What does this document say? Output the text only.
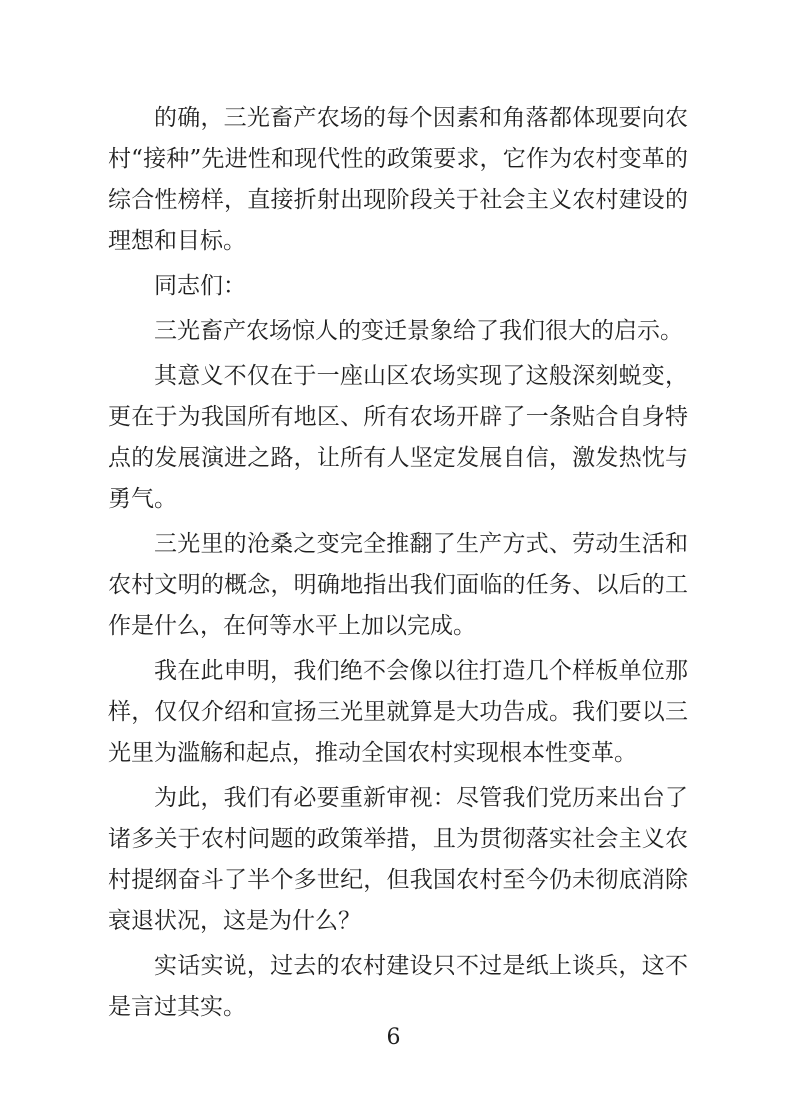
的确，三光畜产农场的每个因素和角落都体现要向农村“接种”先进性和现代性的政策要求，它作为农村变革的综合性榜样，直接折射出现阶段关于社会主义农村建设的理想和目标。

同志们：

三光畜产农场惊人的变迁景象给了我们很大的启示。

其意义不仅在于一座山区农场实现了这般深刻蜕变，更在于为我国所有地区、所有农场开辟了一条贴合自身特点的发展演进之路，让所有人坚定发展自信，激发热忱与勇气。

三光里的沧桑之变完全推翻了生产方式、劳动生活和农村文明的概念，明确地指出我们面临的任务、以后的工作是什么，在何等水平上加以完成。

我在此申明，我们绝不会像以往打造几个样板单位那样，仅仅介绍和宣扬三光里就算是大功告成。我们要以三光里为滥觞和起点，推动全国农村实现根本性变革。

为此，我们有必要重新审视：尽管我们党历来出台了诸多关于农村问题的政策举措，且为贯彻落实社会主义农村提纲奋斗了半个多世纪，但我国农村至今仍未彻底消除衰退状况，这是为什么？

实话实说，过去的农村建设只不过是纸上谈兵，这不是言过其实。

6
